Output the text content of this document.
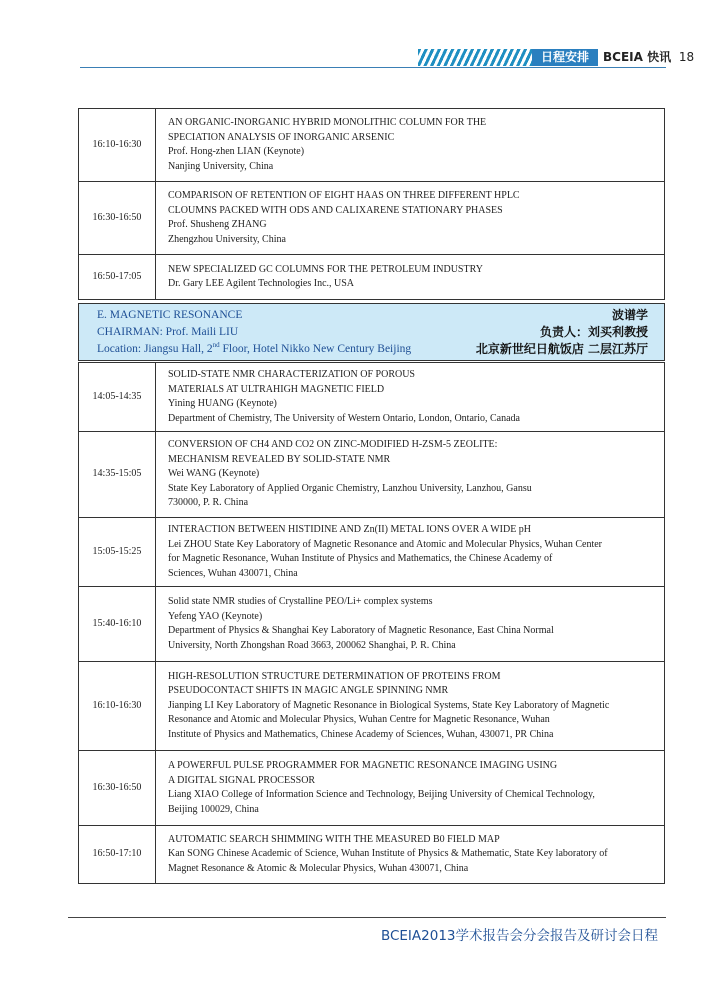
日程安排	BCEIA 快讯 18
16:10-16:30	AN ORGANIC-INORGANIC HYBRID MONOLITHIC COLUMN FOR THE
SPECIATION ANALYSIS OF INORGANIC ARSENIC
Prof. Hong-zhen LIAN (Keynote)
Nanjing University, China

16:30-16:50	COMPARISON OF RETENTION OF EIGHT HAAS ON THREE DIFFERENT HPLC
CLOUMNS PACKED WITH ODS AND CALIXARENE STATIONARY PHASES
Prof. Shusheng ZHANG
Zhengzhou University, China

16:50-17:05	NEW SPECIALIZED GC COLUMNS FOR THE PETROLEUM INDUSTRY
Dr. Gary LEE Agilent Technologies Inc., USA
E. MAGNETIC RESONANCE
CHAIRMAN: Prof. Maili LIU
Location: Jiangsu Hall, 2nd Floor, Hotel Nikko New Century Beijing
波谱学
负责人：刘买利教授
北京新世纪日航饭店 二层江苏厅
14:05-14:35	SOLID-STATE NMR CHARACTERIZATION OF POROUS
MATERIALS AT ULTRAHIGH MAGNETIC FIELD
Yining HUANG (Keynote)
Department of Chemistry, The University of Western Ontario, London, Ontario, Canada

14:35-15:05	CONVERSION OF CH4 AND CO2 ON ZINC-MODIFIED H-ZSM-5 ZEOLITE:
MECHANISM REVEALED BY SOLID-STATE NMR
Wei WANG (Keynote)
State Key Laboratory of Applied Organic Chemistry, Lanzhou University, Lanzhou, Gansu
730000, P. R. China

15:05-15:25	INTERACTION BETWEEN HISTIDINE AND Zn(II) METAL IONS OVER A WIDE pH
Lei ZHOU State Key Laboratory of Magnetic Resonance and Atomic and Molecular Physics, Wuhan Center
for Magnetic Resonance, Wuhan Institute of Physics and Mathematics, the Chinese Academy of
Sciences, Wuhan 430071, China

15:40-16:10	Solid state NMR studies of Crystalline PEO/Li+ complex systems
Yefeng YAO (Keynote)
Department of Physics & Shanghai Key Laboratory of Magnetic Resonance, East China Normal
University, North Zhongshan Road 3663, 200062 Shanghai, P. R. China

16:10-16:30	HIGH-RESOLUTION STRUCTURE DETERMINATION OF PROTEINS FROM
PSEUDOCONTACT SHIFTS IN MAGIC ANGLE SPINNING NMR
Jianping LI Key Laboratory of Magnetic Resonance in Biological Systems, State Key Laboratory of Magnetic
Resonance and Atomic and Molecular Physics, Wuhan Centre for Magnetic Resonance, Wuhan
Institute of Physics and Mathematics, Chinese Academy of Sciences, Wuhan, 430071, PR China

16:30-16:50	A POWERFUL PULSE PROGRAMMER FOR MAGNETIC RESONANCE IMAGING USING
A DIGITAL SIGNAL PROCESSOR
Liang XIAO College of Information Science and Technology, Beijing University of Chemical Technology,
Beijing 100029, China

16:50-17:10	AUTOMATIC SEARCH SHIMMING WITH THE MEASURED B0 FIELD MAP
Kan SONG Chinese Academic of Science, Wuhan Institute of Physics & Mathematic, State Key laboratory of
Magnet Resonance & Atomic & Molecular Physics, Wuhan 430071, China
BCEIA2013学术报告会分会报告及研讨会日程
